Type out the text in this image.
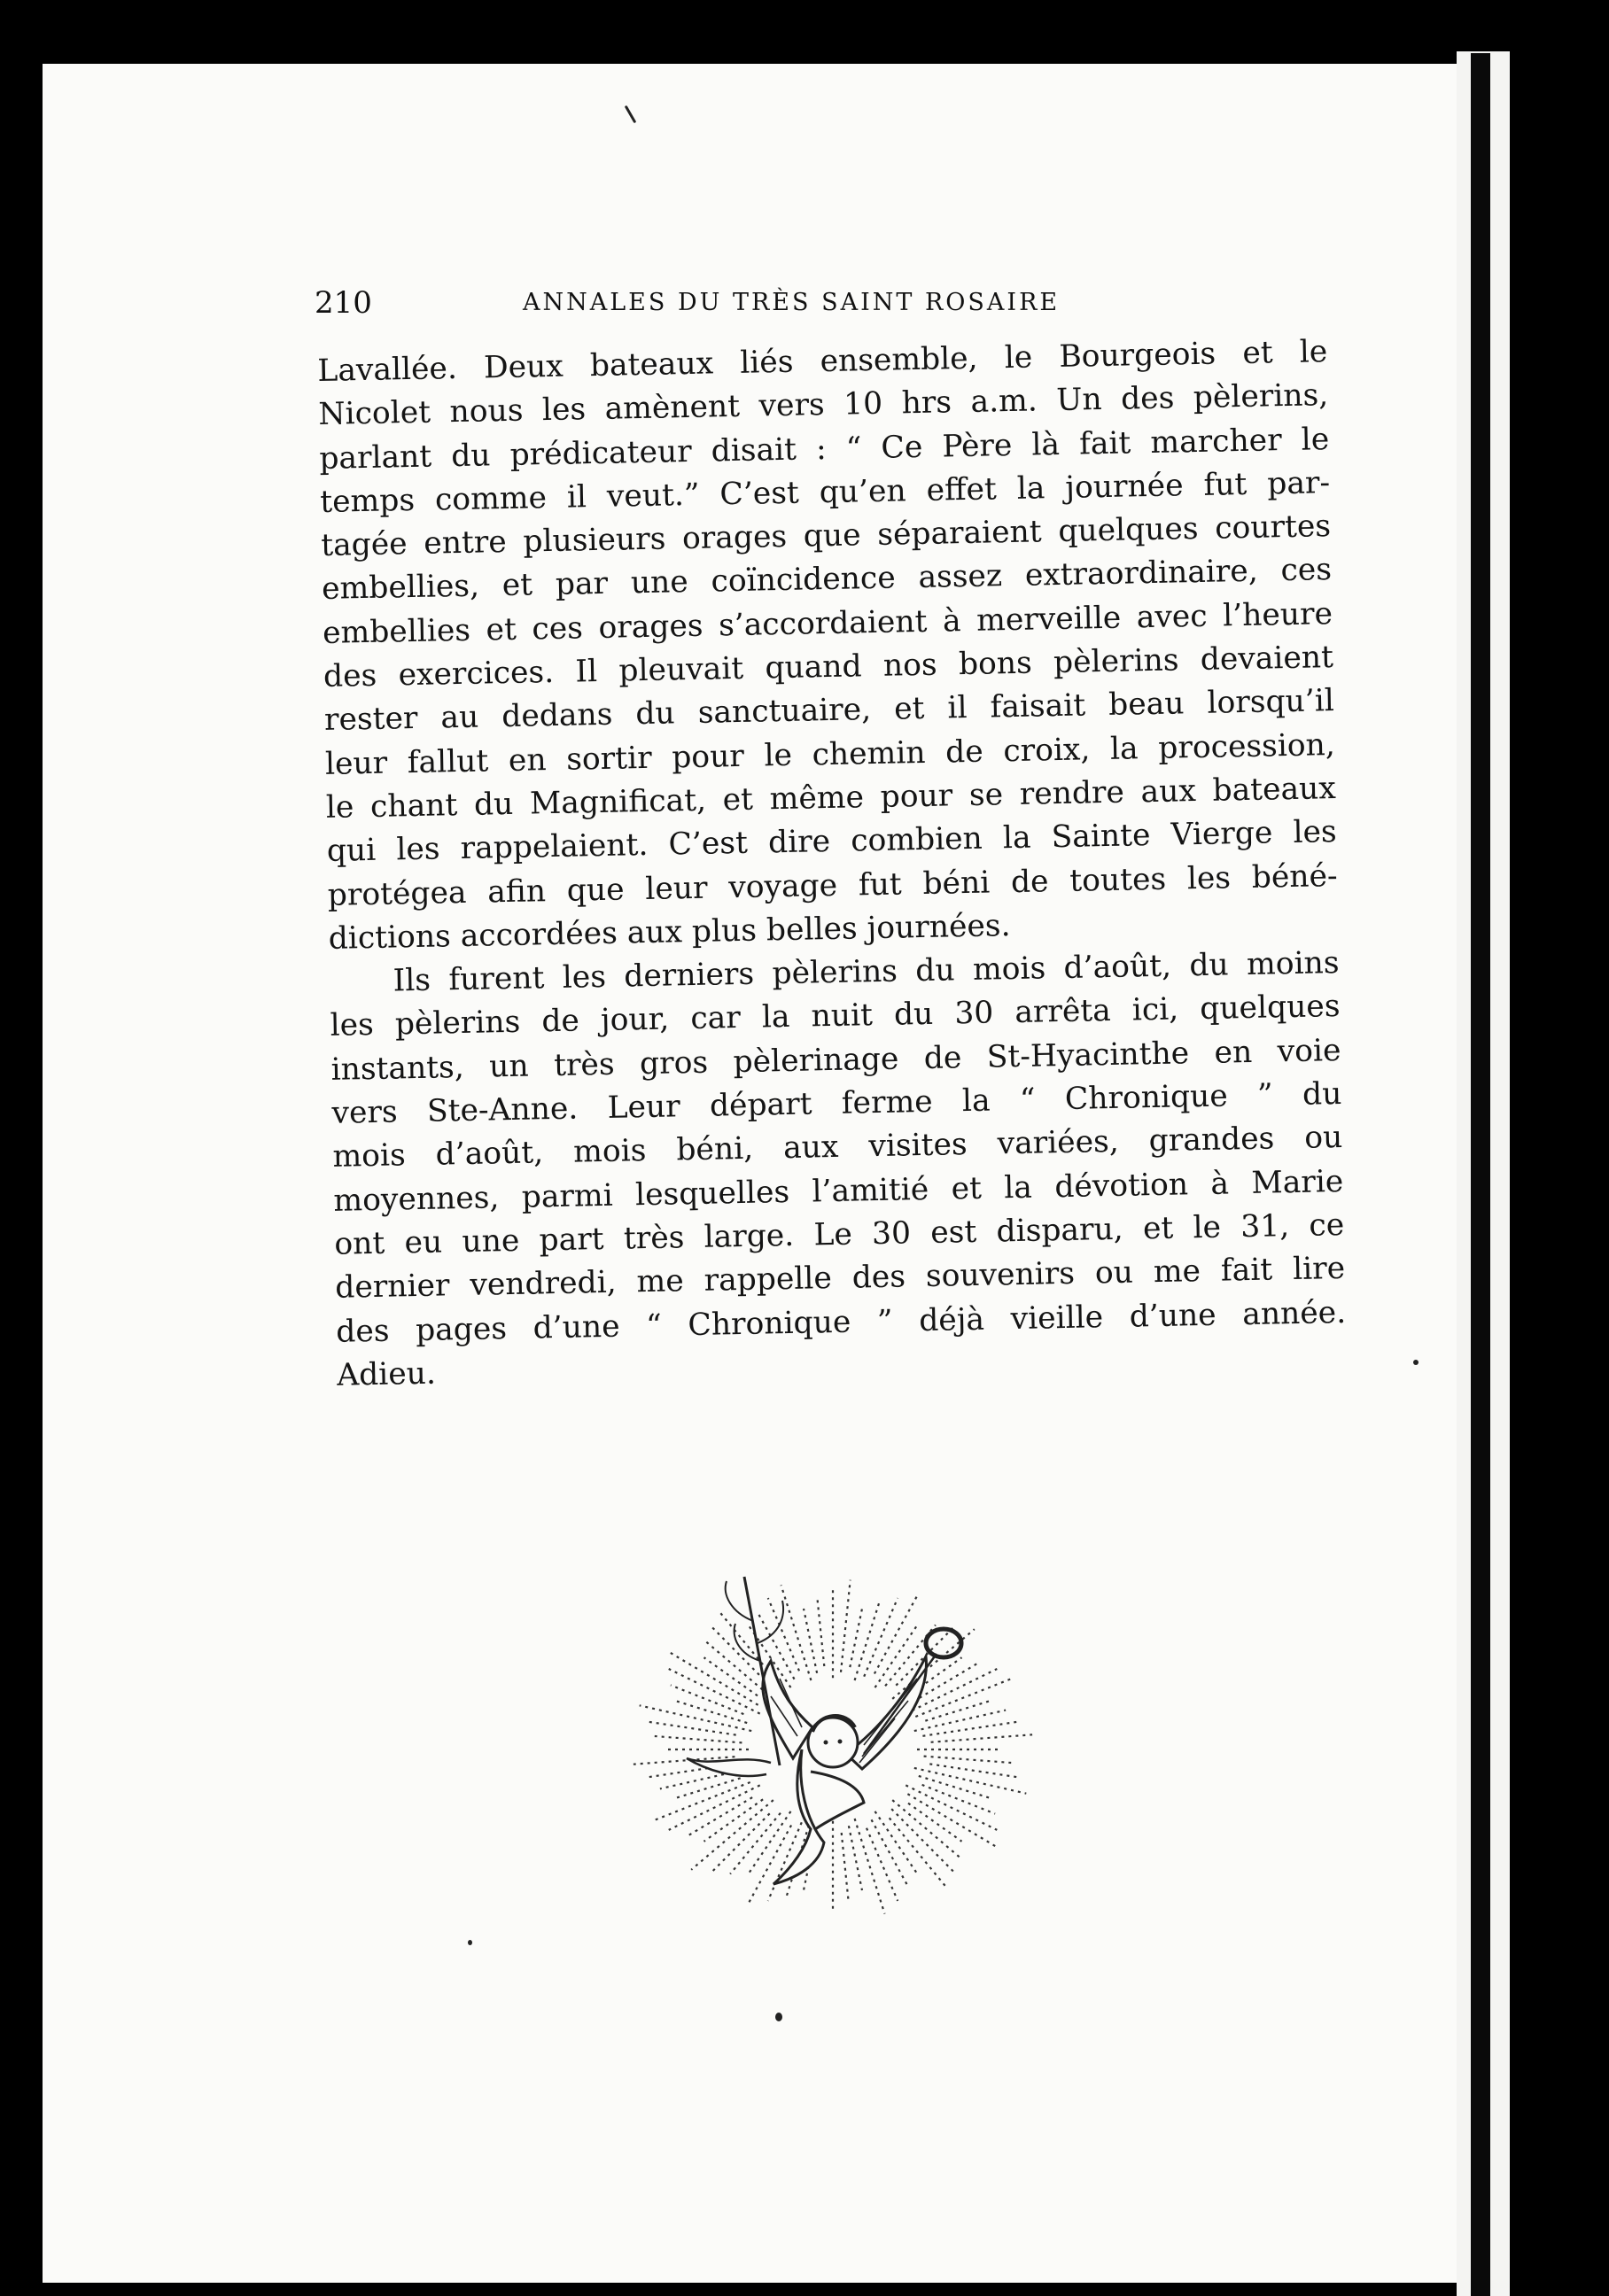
210	ANNALES DU TRÈS SAINT ROSAIRE

Lavallée. Deux bateaux liés ensemble, le Bourgeois et le
Nicolet nous les amènent vers 10 hrs a.m. Un des pèlerins,
parlant du prédicateur disait : “ Ce Père là fait marcher le
temps comme il veut.” C’est qu’en effet la journée fut par-
tagée entre plusieurs orages que séparaient quelques courtes
embellies, et par une coïncidence assez extraordinaire, ces
embellies et ces orages s’accordaient à merveille avec l’heure
des exercices. Il pleuvait quand nos bons pèlerins devaient
rester au dedans du sanctuaire, et il faisait beau lorsqu’il
leur fallut en sortir pour le chemin de croix, la procession,
le chant du Magnificat, et même pour se rendre aux bateaux
qui les rappelaient. C’est dire combien la Sainte Vierge les
protégea afin que leur voyage fut béni de toutes les béné-
dictions accordées aux plus belles journées.

Ils furent les derniers pèlerins du mois d’août, du moins
les pèlerins de jour, car la nuit du 30 arrêta ici, quelques
instants, un très gros pèlerinage de St-Hyacinthe en voie
vers Ste-Anne. Leur départ ferme la “ Chronique ” du
mois d’août, mois béni, aux visites variées, grandes ou
moyennes, parmi lesquelles l’amitié et la dévotion à Marie
ont eu une part très large. Le 30 est disparu, et le 31, ce
dernier vendredi, me rappelle des souvenirs ou me fait lire
des pages d’une “ Chronique ” déjà vieille d’une année.
Adieu.
